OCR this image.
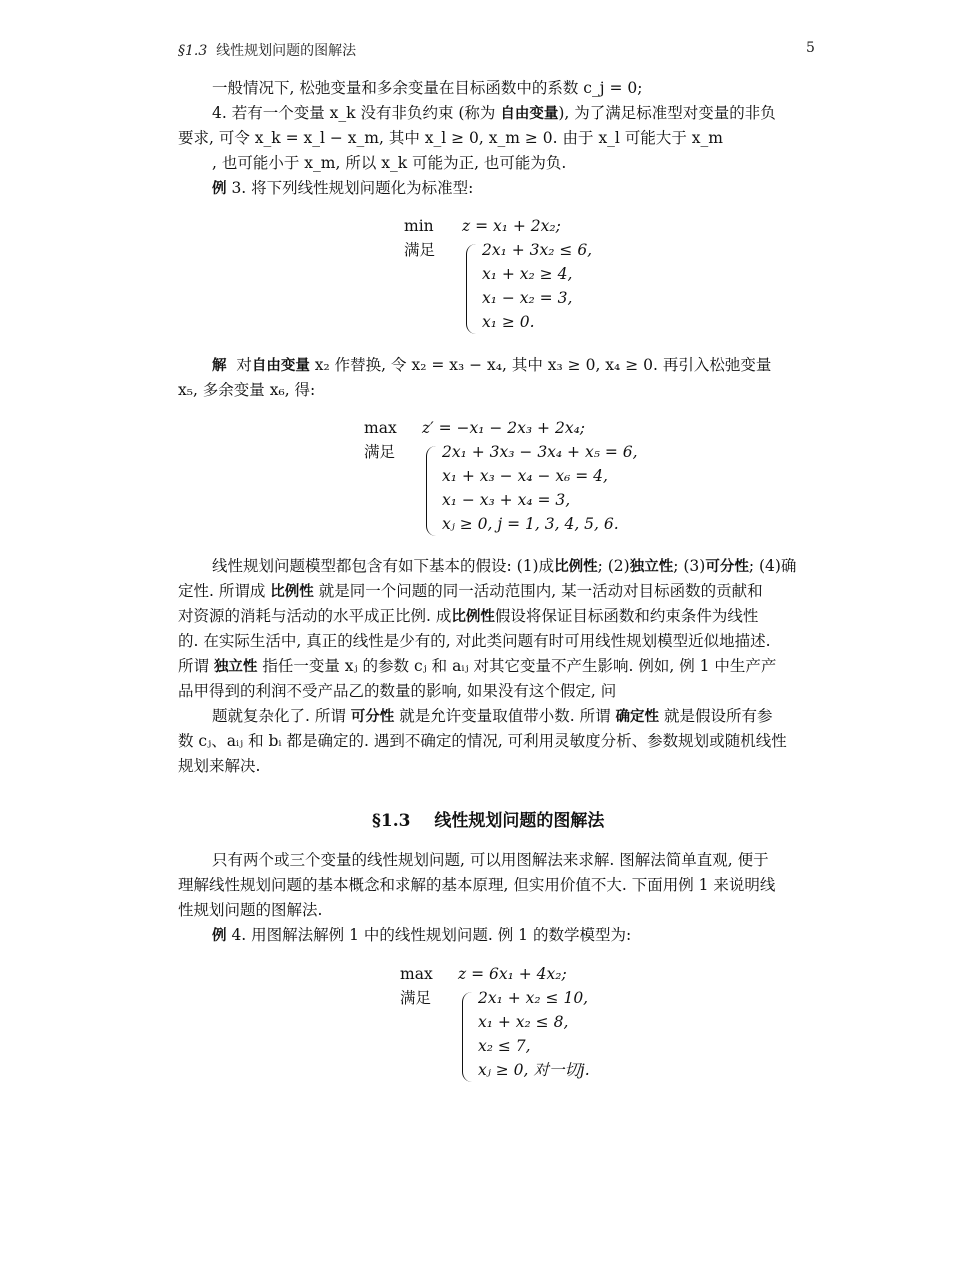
§1.3 线性规划问题的图解法	5
一般情况下, 松弛变量和多余变量在目标函数中的系数 c_j = 0;
4. 若有一个变量 x_k 没有非负约束 (称为 自由变量), 为了满足标准型对变量的非负
要求, 可令 x_k = x_l − x_m, 其中 x_l ≥ 0, x_m ≥ 0. 由于 x_l 可能大于 x_m
, 也可能小于 x_m, 所以 x_k 可能为正, 也可能为负.
例 3. 将下列线性规划问题化为标准型:
min z = x₁ + 2x₂;
满足	2x₁ + 3x₂ ≤ 6,
x₁ + x₂ ≥ 4,
x₁ − x₂ = 3,
x₁ ≥ 0.
解 对自由变量 x₂ 作替换, 令 x₂ = x₃ − x₄, 其中 x₃ ≥ 0, x₄ ≥ 0. 再引入松弛变量
x₅, 多余变量 x₆, 得:
max z′ = −x₁ − 2x₃ + 2x₄;
满足	2x₁ + 3x₃ − 3x₄ + x₅ = 6,
x₁ + x₃ − x₄ − x₆ = 4,
x₁ − x₃ + x₄ = 3,
xⱼ ≥ 0, j = 1, 3, 4, 5, 6.
线性规划问题模型都包含有如下基本的假设: (1)成比例性; (2)独立性; (3)可分性; (4)确
定性. 所谓成 比例性 就是同一个问题的同一活动范围内, 某一活动对目标函数的贡献和
对资源的消耗与活动的水平成正比例. 成比例性假设将保证目标函数和约束条件为线性
的. 在实际生活中, 真正的线性是少有的, 对此类问题有时可用线性规划模型近似地描述.
所谓 独立性 指任一变量 xⱼ 的参数 cⱼ 和 aᵢⱼ 对其它变量不产生影响. 例如, 例 1 中生产产
品甲得到的利润不受产品乙的数量的影响, 如果没有这个假定, 问
题就复杂化了. 所谓 可分性 就是允许变量取值带小数. 所谓 确定性 就是假设所有参
数 cⱼ、aᵢⱼ 和 bᵢ 都是确定的. 遇到不确定的情况, 可利用灵敏度分析、参数规划或随机线性
规划来解决.
§1.3 线性规划问题的图解法
只有两个或三个变量的线性规划问题, 可以用图解法来求解. 图解法简单直观, 便于
理解线性规划问题的基本概念和求解的基本原理, 但实用价值不大. 下面用例 1 来说明线
性规划问题的图解法.
例 4. 用图解法解例 1 中的线性规划问题. 例 1 的数学模型为:
max z = 6x₁ + 4x₂;
满足	2x₁ + x₂ ≤ 10,
x₁ + x₂ ≤ 8,
x₂ ≤ 7,
xⱼ ≥ 0, 对一切j.
